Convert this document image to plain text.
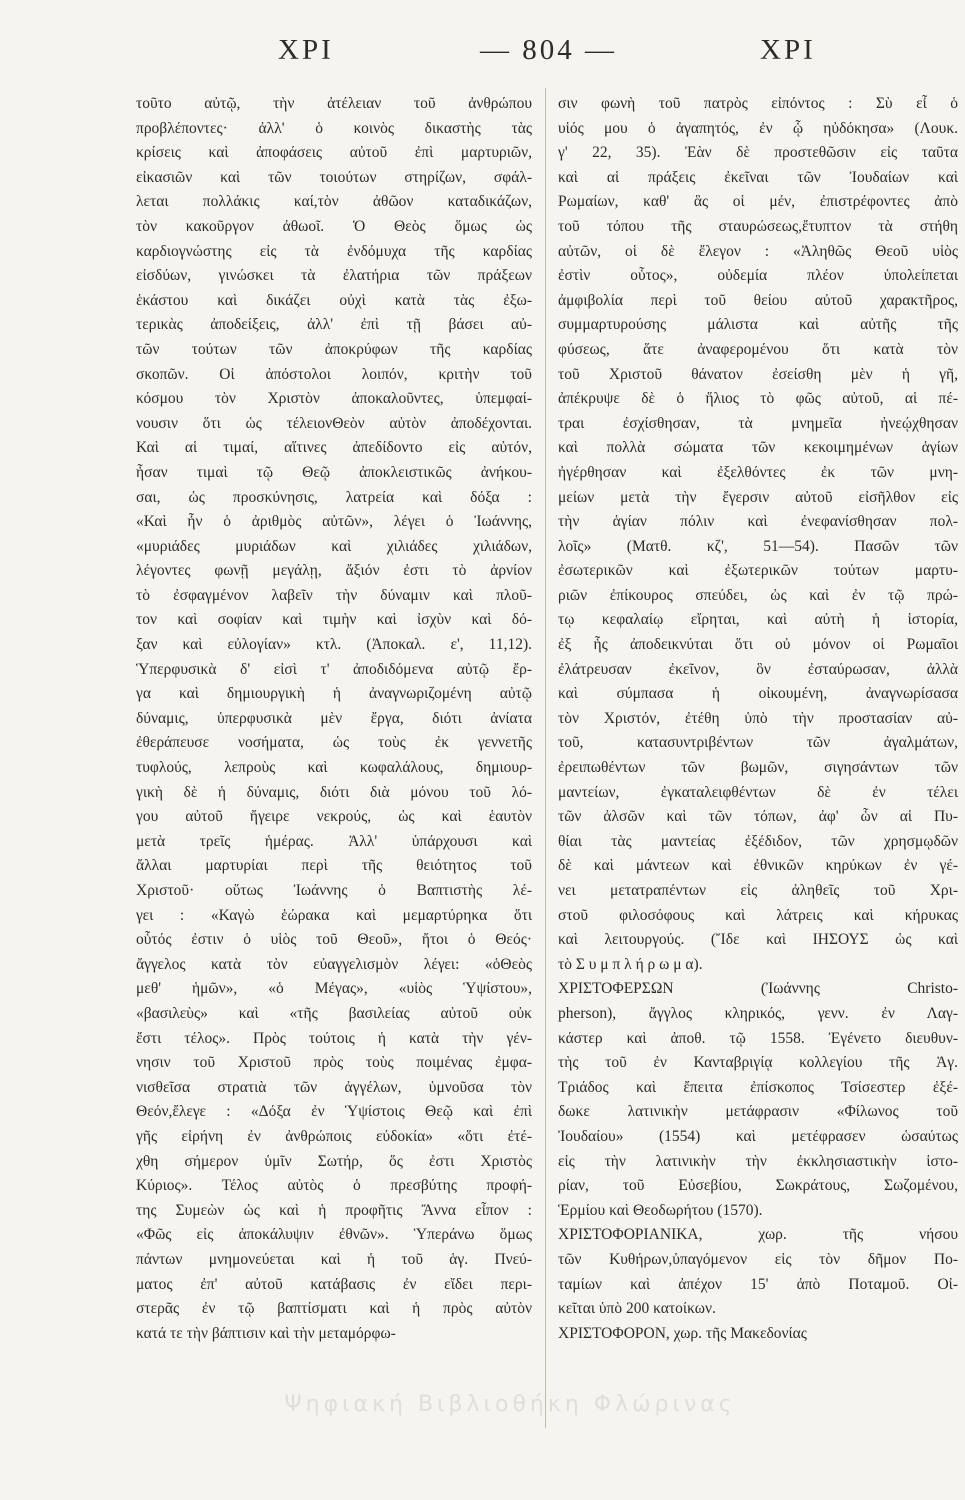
ΧΡΙ	— 804 —	ΧΡΙ
τοῦτο αὐτῷ, τὴν ἀτέλειαν τοῦ ἀνθρώπου
προβλέποντες· ἀλλ' ὁ κοινὸς δικαστὴς τὰς
κρίσεις καὶ ἀποφάσεις αὐτοῦ ἐπὶ μαρτυριῶν,
εἰκασιῶν καὶ τῶν τοιούτων στηρίζων, σφάλ-
λεται πολλάκις καί,τὸν ἀθῶον καταδικάζων,
τὸν κακοῦργον ἀθωοῖ. Ὁ Θεὸς ὅμως ὡς
καρδιογνώστης εἰς τὰ ἐνδόμυχα τῆς καρδίας
εἰσδύων, γινώσκει τὰ ἐλατήρια τῶν πράξεων
ἑκάστου καὶ δικάζει οὐχὶ κατὰ τὰς ἐξω-
τερικὰς ἀποδείξεις, ἀλλ' ἐπὶ τῇ βάσει αὐ-
τῶν τούτων τῶν ἀποκρύφων τῆς καρδίας
σκοπῶν. Οἱ ἀπόστολοι λοιπόν, κριτὴν τοῦ
κόσμου τὸν Χριστὸν ἀποκαλοῦντες, ὑπεμφαί-
νουσιν ὅτι ὡς τέλειονΘεὸν αὐτὸν ἀποδέχονται.
Καὶ αἱ τιμαί, αἵτινες ἀπεδίδοντο εἰς αὐτόν,
ἦσαν τιμαὶ τῷ Θεῷ ἀποκλειστικῶς ἀνήκου-
σαι, ὡς προσκύνησις, λατρεία καὶ δόξα :
«Καὶ ἦν ὁ ἀριθμὸς αὐτῶν», λέγει ὁ Ἰωάννης,
«μυριάδες μυριάδων καὶ χιλιάδες χιλιάδων,
λέγοντες φωνῇ μεγάλῃ, ἄξιόν ἐστι τὸ ἀρνίον
τὸ ἐσφαγμένον λαβεῖν τὴν δύναμιν καὶ πλοῦ-
τον καὶ σοφίαν καὶ τιμὴν καὶ ἰσχὺν καὶ δό-
ξαν καὶ εὐλογίαν» κτλ. (Ἀποκαλ. ε', 11,12).
Ὑπερφυσικὰ δ' εἰσὶ τ' ἀποδιδόμενα αὐτῷ ἔρ-
γα καὶ δημιουργικὴ ἡ ἀναγνωριζομένη αὐτῷ
δύναμις, ὑπερφυσικὰ μὲν ἔργα, διότι ἀνίατα
ἐθεράπευσε νοσήματα, ὡς τοὺς ἐκ γεννετῆς
τυφλούς, λεπροὺς καὶ κωφαλάλους, δημιουρ-
γικὴ δὲ ἡ δύναμις, διότι διὰ μόνου τοῦ λό-
γου αὐτοῦ ἤγειρε νεκρούς, ὡς καὶ ἑαυτὸν
μετὰ τρεῖς ἡμέρας. Ἀλλ' ὑπάρχουσι καὶ
ἄλλαι μαρτυρίαι περὶ τῆς θειότητος τοῦ
Χριστοῦ· οὕτως Ἰωάννης ὁ Βαπτιστὴς λέ-
γει : «Καγὼ ἑώρακα καὶ μεμαρτύρηκα ὅτι
οὗτός ἐστιν ὁ υἱὸς τοῦ Θεοῦ», ἤτοι ὁ Θεός·
ἄγγελος κατὰ τὸν εὐαγγελισμὸν λέγει: «ὁΘεὸς
μεθ' ἡμῶν», «ὁ Μέγας», «υἱὸς Ὑψίστου»,
«βασιλεὺς» καὶ «τῆς βασιλείας αὐτοῦ οὐκ
ἔστι τέλος». Πρὸς τούτοις ἡ κατὰ τὴν γέν-
νησιν τοῦ Χριστοῦ πρὸς τοὺς ποιμένας ἐμφα-
νισθεῖσα στρατιὰ τῶν ἀγγέλων, ὑμνοῦσα τὸν
Θεόν,ἔλεγε : «Δόξα ἐν Ὑψίστοις Θεῷ καὶ ἐπὶ
γῆς εἰρήνη ἐν ἀνθρώποις εὐδοκία» «ὅτι ἐτέ-
χθη σήμερον ὑμῖν Σωτήρ, ὅς ἐστι Χριστὸς
Κύριος». Τέλος αὐτὸς ὁ πρεσβύτης προφή-
της Συμεὼν ὡς καὶ ἡ προφῆτις Ἄννα εἶπον :
«Φῶς εἰς ἀποκάλυψιν ἐθνῶν». Ὑπεράνω ὅμως
πάντων μνημονεύεται καὶ ἡ τοῦ ἁγ. Πνεύ-
ματος ἐπ' αὐτοῦ κατάβασις ἐν εἴδει περι-
στερᾶς ἐν τῷ βαπτίσματι καὶ ἡ πρὸς αὐτὸν
κατά τε τὴν βάπτισιν καὶ τὴν μεταμόρφω-
σιν φωνὴ τοῦ πατρὸς εἰπόντος : Σὺ εἶ ὁ
υἱός μου ὁ ἀγαπητός, ἐν ᾧ ηὐδόκησα» (Λουκ.
γ' 22, 35). Ἐὰν δὲ προστεθῶσιν εἰς ταῦτα
καὶ αἱ πράξεις ἐκεῖναι τῶν Ἰουδαίων καὶ
Ρωμαίων, καθ' ἃς οἱ μέν, ἐπιστρέφοντες ἀπὸ
τοῦ τόπου τῆς σταυρώσεως,ἔτυπτον τὰ στήθη
αὐτῶν, οἱ δὲ ἔλεγον : «Ἀληθῶς Θεοῦ υἱὸς
ἐστὶν οὗτος», οὐδεμία πλέον ὑπολείπεται
ἀμφιβολία περὶ τοῦ θείου αὐτοῦ χαρακτῆρος,
συμμαρτυρούσης μάλιστα καὶ αὐτῆς τῆς
φύσεως, ἅτε ἀναφερομένου ὅτι κατὰ τὸν
τοῦ Χριστοῦ θάνατον ἐσείσθη μὲν ἡ γῆ,
ἀπέκρυψε δὲ ὁ ἥλιος τὸ φῶς αὐτοῦ, αἱ πέ-
τραι ἐσχίσθησαν, τὰ μνημεῖα ἠνεῴχθησαν
καὶ πολλὰ σώματα τῶν κεκοιμημένων ἁγίων
ἠγέρθησαν καὶ ἐξελθόντες ἐκ τῶν μνη-
μείων μετὰ τὴν ἔγερσιν αὐτοῦ εἰσῆλθον εἰς
τὴν ἁγίαν πόλιν καὶ ἐνεφανίσθησαν πολ-
λοῖς» (Ματθ. κζ', 51—54). Πασῶν τῶν
ἐσωτερικῶν καὶ ἐξωτερικῶν τούτων μαρτυ-
ριῶν ἐπίκουρος σπεύδει, ὡς καὶ ἐν τῷ πρώ-
τῳ κεφαλαίῳ εἴρηται, καὶ αὐτὴ ἡ ἱστορία,
ἐξ ἧς ἀποδεικνύται ὅτι οὐ μόνον οἱ Ρωμαῖοι
ἐλάτρευσαν ἐκεῖνον, ὃν ἐσταύρωσαν, ἀλλὰ
καὶ σύμπασα ἡ οἰκουμένη, ἀναγνωρίσασα
τὸν Χριστόν, ἐτέθη ὑπὸ τὴν προστασίαν αὐ-
τοῦ, κατασυντριβέντων τῶν ἀγαλμάτων,
ἐρειπωθέντων τῶν βωμῶν, σιγησάντων τῶν
μαντείων, ἐγκαταλειφθέντων δὲ ἐν τέλει
τῶν ἀλσῶν καὶ τῶν τόπων, ἀφ' ὧν αἱ Πυ-
θίαι τὰς μαντείας ἐξέδιδον, τῶν χρησμῳδῶν
δὲ καὶ μάντεων καὶ ἐθνικῶν κηρύκων ἐν γέ-
νει μετατραπέντων εἰς ἀληθεῖς τοῦ Χρι-
στοῦ φιλοσόφους καὶ λάτρεις καὶ κήρυκας
καὶ λειτουργούς. (Ἴδε καὶ ΙΗΣΟΥΣ ὡς καὶ
τὸ Σ υ μ π λ ή ρ ω μ α).
ΧΡΙΣΤΟΦΕΡΣΩΝ (Ἰωάννης Christo-
pherson), ἄγγλος κληρικός, γενν. ἐν Λαγ-
κάστερ καὶ ἀποθ. τῷ 1558. Ἐγένετο διευθυν-
τὴς τοῦ ἐν Κανταβριγίᾳ κολλεγίου τῆς Ἁγ.
Τριάδος καὶ ἔπειτα ἐπίσκοπος Τσίσεστερ ἐξέ-
δωκε λατινικὴν μετάφρασιν «Φίλωνος τοῦ
Ἰουδαίου» (1554) καὶ μετέφρασεν ὡσαύτως
εἰς τὴν λατινικὴν τὴν ἐκκλησιαστικὴν ἱστο-
ρίαν, τοῦ Εὐσεβίου, Σωκράτους, Σωζομένου,
Ἑρμίου καὶ Θεοδωρήτου (1570).
ΧΡΙΣΤΟΦΟΡΙΑΝΙΚΑ, χωρ. τῆς νήσου
τῶν Κυθήρων,ὑπαγόμενον εἰς τὸν δῆμον Πο-
ταμίων καὶ ἀπέχον 15' ἀπὸ Ποταμοῦ. Οἰ-
κεῖται ὑπὸ 200 κατοίκων.
ΧΡΙΣΤΟΦΟΡΟΝ, χωρ. τῆς Μακεδονίας
Ψηφιακή Βιβλιοθήκη Φλώρινας
